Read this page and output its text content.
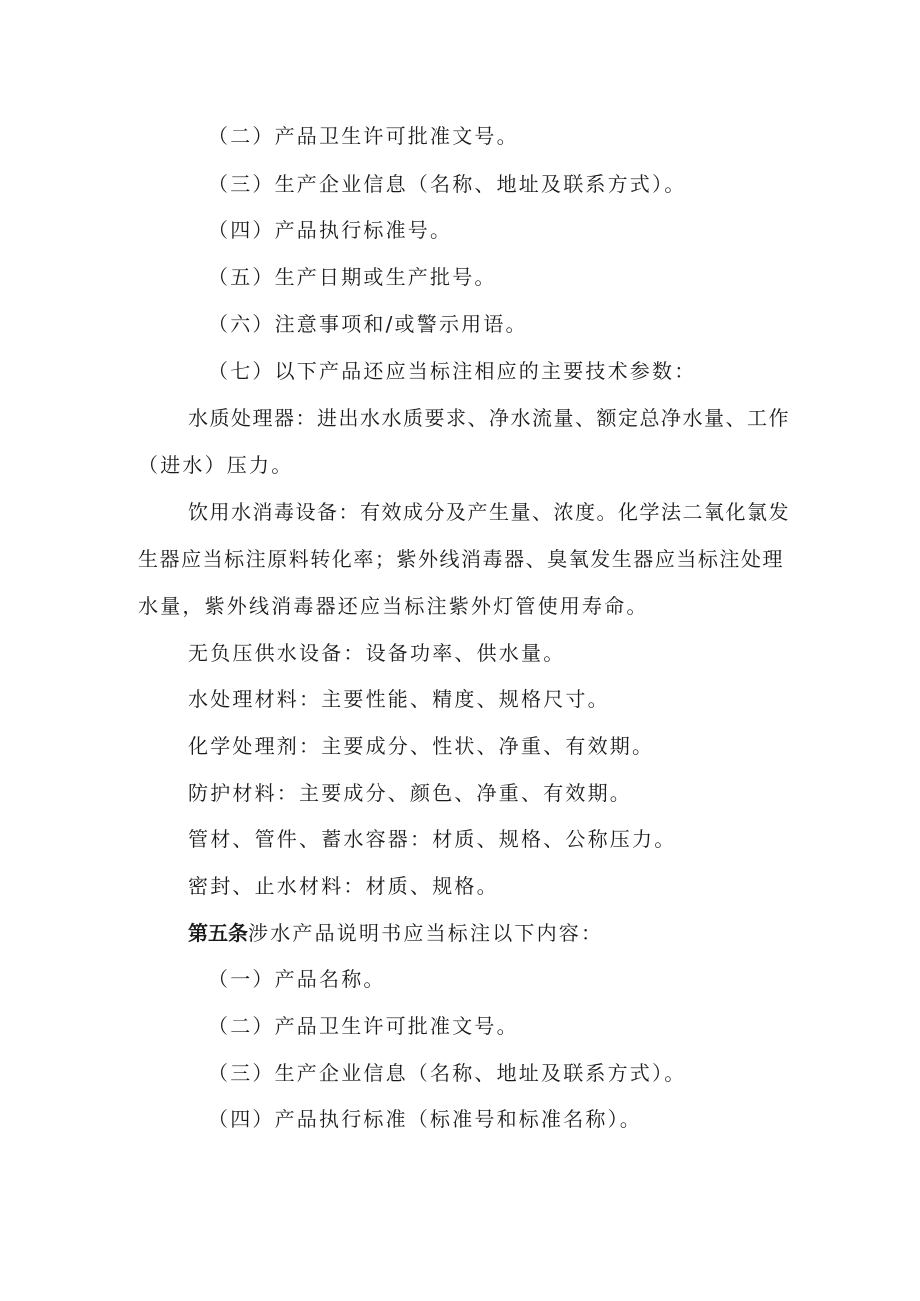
（二）产品卫生许可批准文号。
（三）生产企业信息（名称、地址及联系方式）。
（四）产品执行标准号。
（五）生产日期或生产批号。
（六）注意事项和/或警示用语。
（七）以下产品还应当标注相应的主要技术参数：
水质处理器：进出水水质要求、净水流量、额定总净水量、工作
（进水）压力。
饮用水消毒设备：有效成分及产生量、浓度。化学法二氧化氯发
生器应当标注原料转化率；紫外线消毒器、臭氧发生器应当标注处理
水量，紫外线消毒器还应当标注紫外灯管使用寿命。
无负压供水设备：设备功率、供水量。
水处理材料：主要性能、精度、规格尺寸。
化学处理剂：主要成分、性状、净重、有效期。
防护材料：主要成分、颜色、净重、有效期。
管材、管件、蓄水容器：材质、规格、公称压力。
密封、止水材料：材质、规格。
第五条涉水产品说明书应当标注以下内容：
（一）产品名称。
（二）产品卫生许可批准文号。
（三）生产企业信息（名称、地址及联系方式）。
（四）产品执行标准（标准号和标准名称）。
